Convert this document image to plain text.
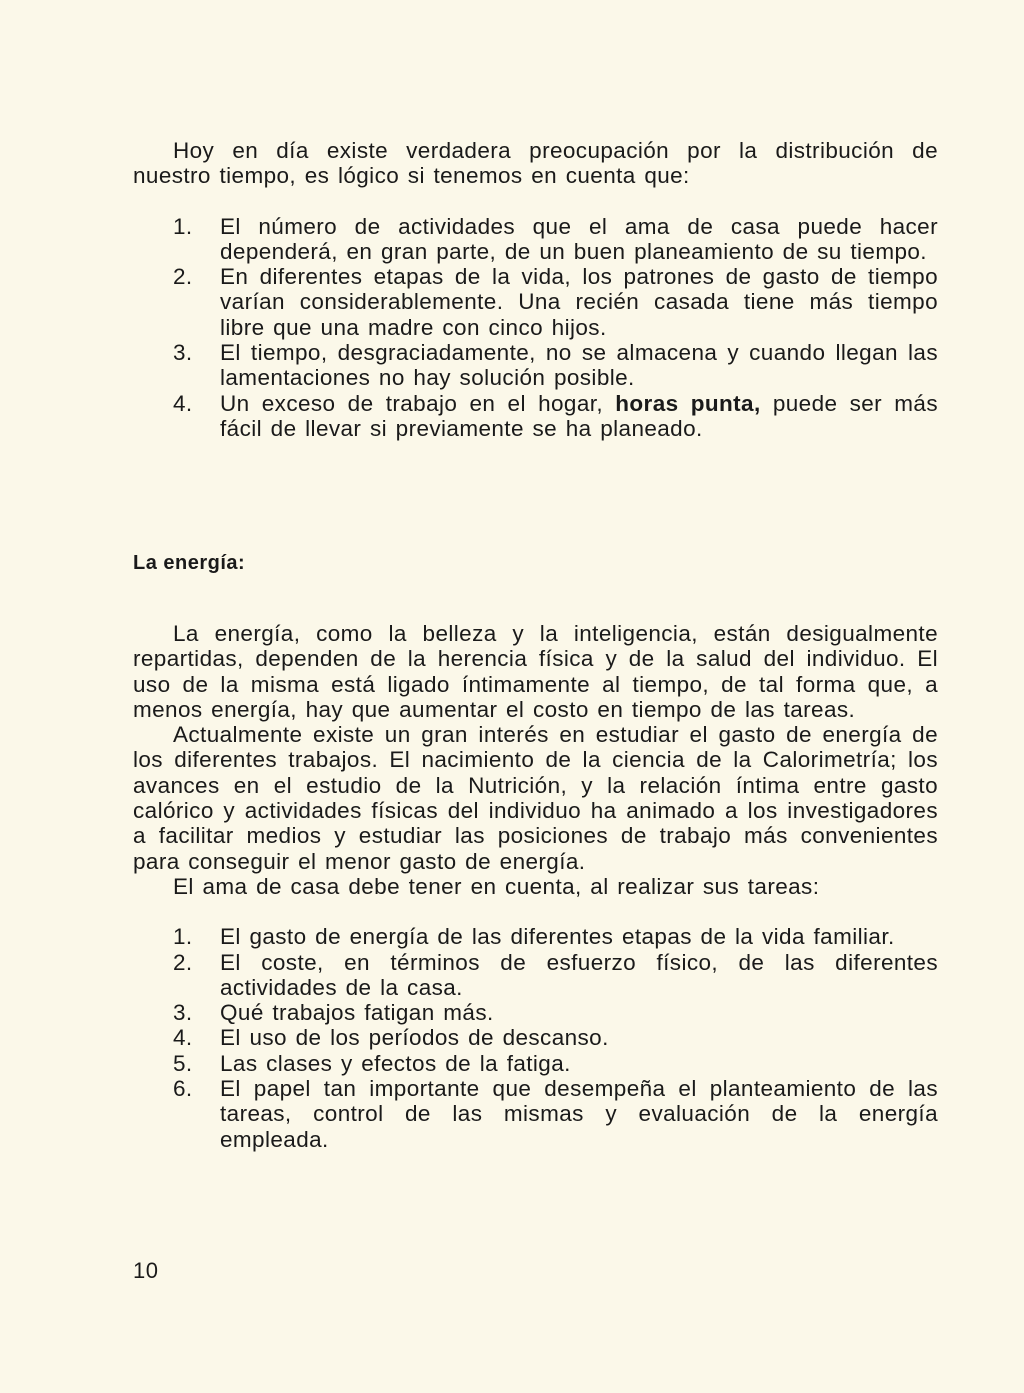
Hoy en día existe verdadera preocupación por la distribución de nuestro tiempo, es lógico si tenemos en cuenta que:

1. El número de actividades que el ama de casa puede hacer dependerá, en gran parte, de un buen planeamiento de su tiempo.
2. En diferentes etapas de la vida, los patrones de gasto de tiempo varían considerablemente. Una recién casada tiene más tiempo libre que una madre con cinco hijos.
3. El tiempo, desgraciadamente, no se almacena y cuando llegan las lamentaciones no hay solución posible.
4. Un exceso de trabajo en el hogar, horas punta, puede ser más fácil de llevar si previamente se ha planeado.
La energía:

La energía, como la belleza y la inteligencia, están desigualmente repartidas, dependen de la herencia física y de la salud del individuo. El uso de la misma está ligado íntimamente al tiempo, de tal forma que, a menos energía, hay que aumentar el costo en tiempo de las tareas.

Actualmente existe un gran interés en estudiar el gasto de energía de los diferentes trabajos. El nacimiento de la ciencia de la Calorimetría; los avances en el estudio de la Nutrición, y la relación íntima entre gasto calórico y actividades físicas del individuo ha animado a los investigadores a facilitar medios y estudiar las posiciones de trabajo más convenientes para conseguir el menor gasto de energía.

El ama de casa debe tener en cuenta, al realizar sus tareas:

1. El gasto de energía de las diferentes etapas de la vida familiar.
2. El coste, en términos de esfuerzo físico, de las diferentes actividades de la casa.
3. Qué trabajos fatigan más.
4. El uso de los períodos de descanso.
5. Las clases y efectos de la fatiga.
6. El papel tan importante que desempeña el planteamiento de las tareas, control de las mismas y evaluación de la energía empleada.
10
